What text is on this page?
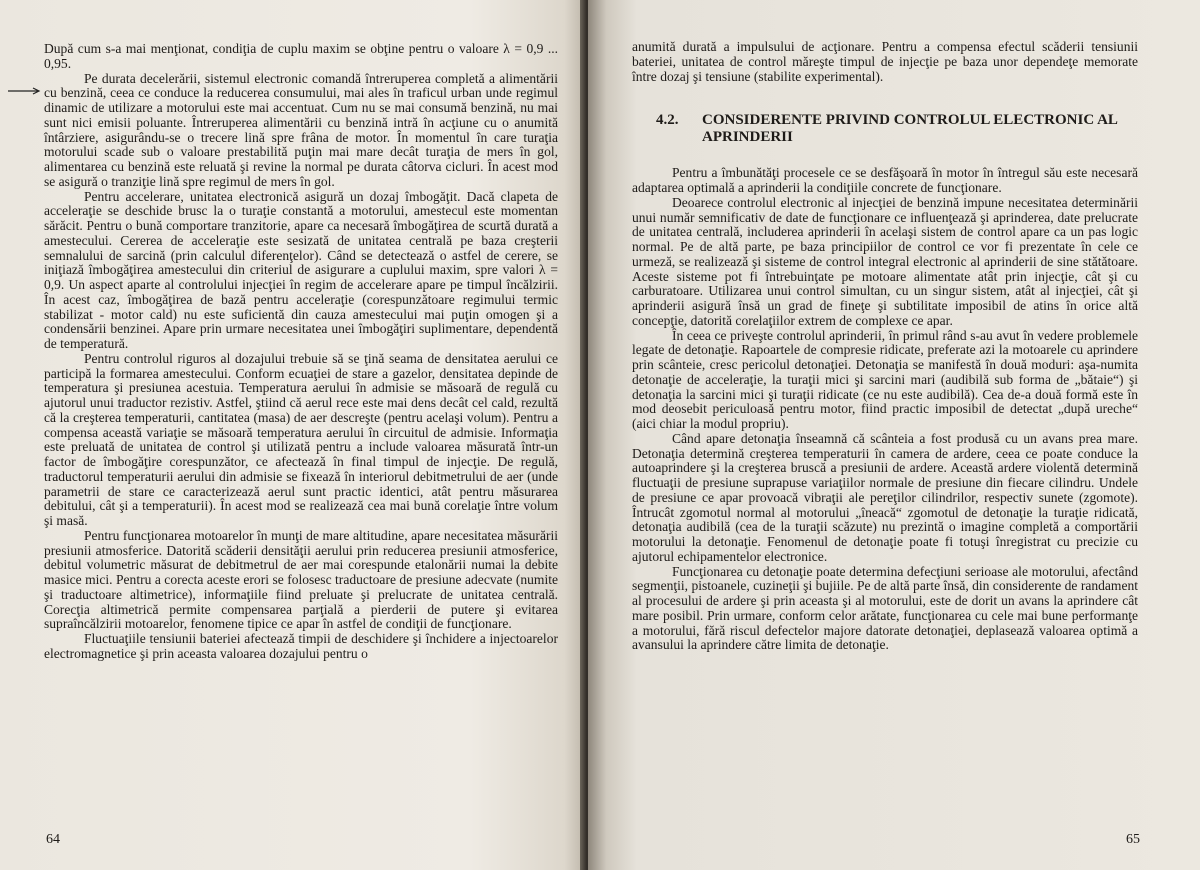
După cum s-a mai menţionat, condiţia de cuplu maxim se obţine pentru o valoare λ = 0,9 ... 0,95.

Pe durata decelerării, sistemul electronic comandă întreruperea completă a alimentării cu benzină, ceea ce conduce la reducerea consumului, mai ales în traficul urban unde regimul dinamic de utilizare a motorului este mai accentuat. Cum nu se mai consumă benzină, nu mai sunt nici emisii poluante. Întreruperea alimentării cu benzină intră în acţiune cu o anumită întârziere, asigurându-se o trecere lină spre frâna de motor. În momentul în care turaţia motorului scade sub o valoare prestabilită puţin mai mare decât turaţia de mers în gol, alimentarea cu benzină este reluată şi revine la normal pe durata câtorva cicluri. În acest mod se asigură o tranziţie lină spre regimul de mers în gol.

Pentru accelerare, unitatea electronică asigură un dozaj îmbogăţit. Dacă clapeta de acceleraţie se deschide brusc la o turaţie constantă a motorului, amestecul este momentan sărăcit. Pentru o bună comportare tranzitorie, apare ca necesară îmbogăţirea de scurtă durată a amestecului. Cererea de acceleraţie este sesizată de unitatea centrală pe baza creşterii semnalului de sarcină (prin calculul diferenţelor). Când se detectează o astfel de cerere, se iniţiază îmbogăţirea amestecului din criteriul de asigurare a cuplului maxim, spre valori λ = 0,9. Un aspect aparte al controlului injecţiei în regim de accelerare apare pe timpul încălzirii. În acest caz, îmbogăţirea de bază pentru acceleraţie (corespunzătoare regimului termic stabilizat - motor cald) nu este suficientă din cauza amestecului mai puţin omogen şi a condensării benzinei. Apare prin urmare necesitatea unei îmbogăţiri suplimentare, dependentă de temperatură.

Pentru controlul riguros al dozajului trebuie să se ţină seama de densitatea aerului ce participă la formarea amestecului. Conform ecuaţiei de stare a gazelor, densitatea depinde de temperatura şi presiunea acestuia. Temperatura aerului în admisie se măsoară de regulă cu ajutorul unui traductor rezistiv. Astfel, ştiind că aerul rece este mai dens decât cel cald, rezultă că la creşterea temperaturii, cantitatea (masa) de aer descreşte (pentru acelaşi volum). Pentru a compensa această variaţie se măsoară temperatura aerului în circuitul de admisie. Informaţia este preluată de unitatea de control şi utilizată pentru a include valoarea măsurată într-un factor de îmbogăţire corespunzător, ce afectează în final timpul de injecţie. De regulă, traductorul temperaturii aerului din admisie se fixează în interiorul debitmetrului de aer (unde parametrii de stare ce caracterizează aerul sunt practic identici, atât pentru măsurarea debitului, cât şi a temperaturii). În acest mod se realizează cea mai bună corelaţie între volum şi masă.

Pentru funcţionarea motoarelor în munţi de mare altitudine, apare necesitatea măsurării presiunii atmosferice. Datorită scăderii densităţii aerului prin reducerea presiunii atmosferice, debitul volumetric măsurat de debitmetrul de aer mai corespunde etalonării numai la debite masice mici. Pentru a corecta aceste erori se folosesc traductoare de presiune adecvate (numite şi traductoare altimetrice), informaţiile fiind preluate şi prelucrate de unitatea centrală. Corecţia altimetrică permite compensarea parţială a pierderii de putere şi evitarea supraîncălzirii motoarelor, fenomene tipice ce apar în astfel de condiţii de funcţionare.

Fluctuaţiile tensiunii bateriei afectează timpii de deschidere şi închidere a injectoarelor electromagnetice şi prin aceasta valoarea dozajului pentru o

64

anumită durată a impulsului de acţionare. Pentru a compensa efectul scăderii tensiunii bateriei, unitatea de control măreşte timpul de injecţie pe baza unor dependeţe memorate între dozaj şi tensiune (stabilite experimental).

4.2.	CONSIDERENTE PRIVIND CONTROLUL ELECTRONIC AL APRINDERII

Pentru a îmbunătăţi procesele ce se desfăşoară în motor în întregul său este necesară adaptarea optimală a aprinderii la condiţiile concrete de funcţionare.

Deoarece controlul electronic al injecţiei de benzină impune necesitatea determinării unui număr semnificativ de date de funcţionare ce influenţează şi aprinderea, date prelucrate de unitatea centrală, includerea aprinderii în acelaşi sistem de control apare ca un pas logic normal. Pe de altă parte, pe baza principiilor de control ce vor fi prezentate în cele ce urmeză, se realizează şi sisteme de control integral electronic al aprinderii de sine stătătoare. Aceste sisteme pot fi întrebuinţate pe motoare alimentate atât prin injecţie, cât şi cu carburatoare. Utilizarea unui control simultan, cu un singur sistem, atât al injecţiei, cât şi aprinderii asigură însă un grad de fineţe şi subtilitate imposibil de atins în orice altă concepţie, datorită corelaţiilor extrem de complexe ce apar.

În ceea ce priveşte controlul aprinderii, în primul rând s-au avut în vedere problemele legate de detonaţie. Rapoartele de compresie ridicate, preferate azi la motoarele cu aprindere prin scânteie, cresc pericolul detonaţiei. Detonaţia se manifestă în două moduri: aşa-numita detonaţie de acceleraţie, la turaţii mici şi sarcini mari (audibilă sub forma de „bătaie“) şi detonaţia la sarcini mici şi turaţii ridicate (ce nu este audibilă). Cea de-a două formă este în mod deosebit periculoasă pentru motor, fiind practic imposibil de detectat „după ureche“ (aici chiar la modul propriu).

Când apare detonaţia înseamnă că scânteia a fost produsă cu un avans prea mare. Detonaţia determină creşterea temperaturii în camera de ardere, ceea ce poate conduce la autoaprindere şi la creşterea bruscă a presiunii de ardere. Această ardere violentă determină fluctuaţii de presiune suprapuse variaţiilor normale de presiune din fiecare cilindru. Undele de presiune ce apar provoacă vibraţii ale pereţilor cilindrilor, respectiv sunete (zgomote). Întrucât zgomotul normal al motorului „îneacă“ zgomotul de detonaţie la turaţie ridicată, detonaţia audibilă (cea de la turaţii scăzute) nu prezintă o imagine completă a comportării motorului la detonaţie. Fenomenul de detonaţie poate fi totuşi înregistrat cu precizie cu ajutorul echipamentelor electronice.

Funcţionarea cu detonaţie poate determina defecţiuni serioase ale motorului, afectând segmenţii, pistoanele, cuzineţii şi bujiile. Pe de altă parte însă, din considerente de randament al procesului de ardere şi prin aceasta şi al motorului, este de dorit un avans la aprindere cât mare posibil. Prin urmare, conform celor arătate, funcţionarea cu cele mai bune performanţe a motorului, fără riscul defectelor majore datorate detonaţiei, deplasează valoarea optimă a avansului la aprindere către limita de detonaţie.

65
